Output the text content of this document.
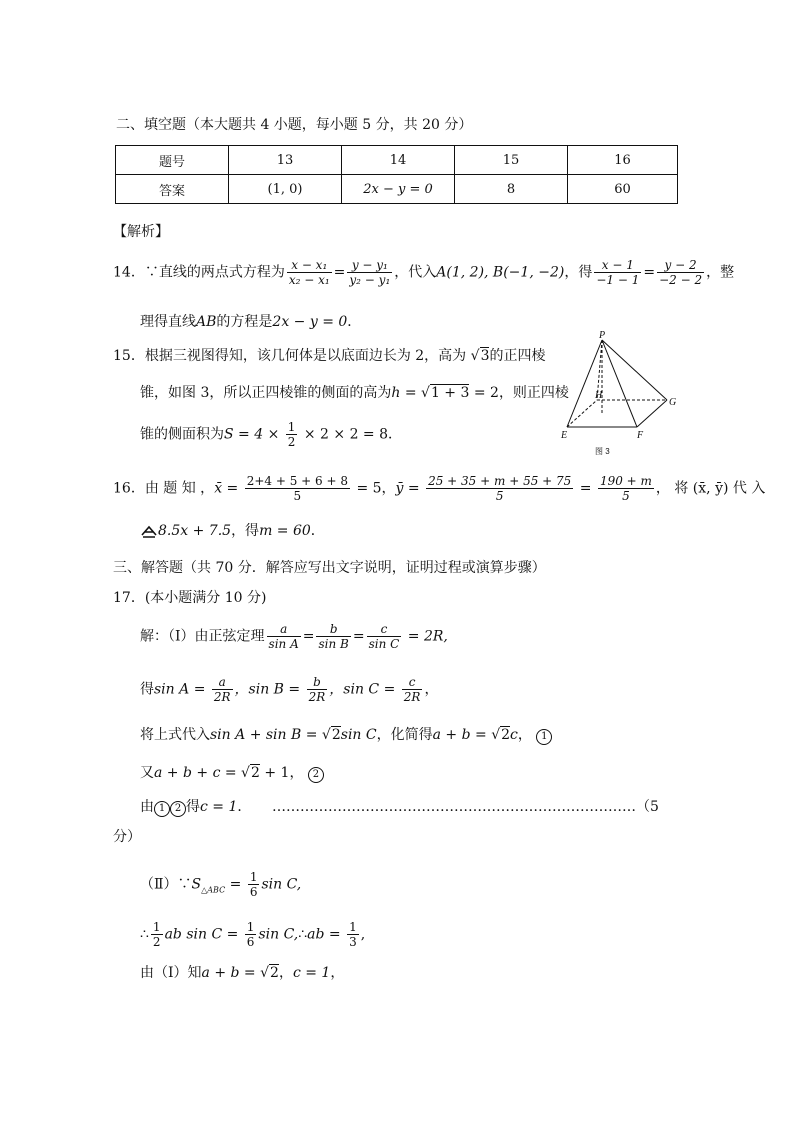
二、填空题（本大题共 4 小题，每小题 5 分，共 20 分）
题号	13	14	15	16
答案	(1, 0)	2x − y = 0	8	60
【解析】
14．∵直线的两点式方程为 $\frac{\text{x − x₁}}{\text{x₂ − x₁}} = \frac{\text{y − y₁}}{\text{y₂ − y₁}}$ ，代入A(1, 2), B(−1, −2)，得 $\frac{x - 1}{-1 - 1} = \frac{y - 2}{-2 - 2}$ ，整
理得直线AB的方程是2x − y = 0．
15．根据三视图得知，该几何体是以底面边长为 2，高为 √3的正四棱
锥，如图 3，所以正四棱锥的侧面的高为h = √1 + 3 = 2，则正四棱
锥的侧面积为$S = 4 \times \frac{1}{2} \times 2 \times 2 = 8$．
P
H
G
E	F
图 3
16．由 题 知 ，x̄ = $\frac{2+4 + 5 + 6 + 8}{5} = 5$，ȳ = $\frac{25 + 35 + m + 55 + 75}{5} = \frac{190 + m}{5}$ ， 将 (x̄, ȳ) 代 入
8.5x + 7.5，得m = 60．
三、解答题（共 70 分．解答应写出文字说明，证明过程或演算步骤）
17．(本小题满分 10 分)
解：（Ⅰ）由正弦定理 $\frac{a}{\text{sin A}} = \frac{b}{\text{sin B}} = \frac{c}{\text{sin C}} = 2R$,
得$\sin A = \frac{a}{2R}$ ，$\sin B = \frac{b}{2R}$ ，$\sin C = \frac{c}{2R}$ ，
将上式代入sin A + sin B = √2sin C，化简得a + b = √2c， 1
又a + b + c = √2 + 1， 2
由 1 2 得c = 1． ……………………………………………………………………（5
分）
$(Ⅱ)\because S_{\triangle ABC} = \frac{1}{6}$ sin C,
∴ $\frac{1}{2}$ ab $\sin C = \frac{1}{6}$ sin C,∴ab = $\frac{1}{3}$ ,
由（Ⅰ）知a + b = √2，c = 1，
